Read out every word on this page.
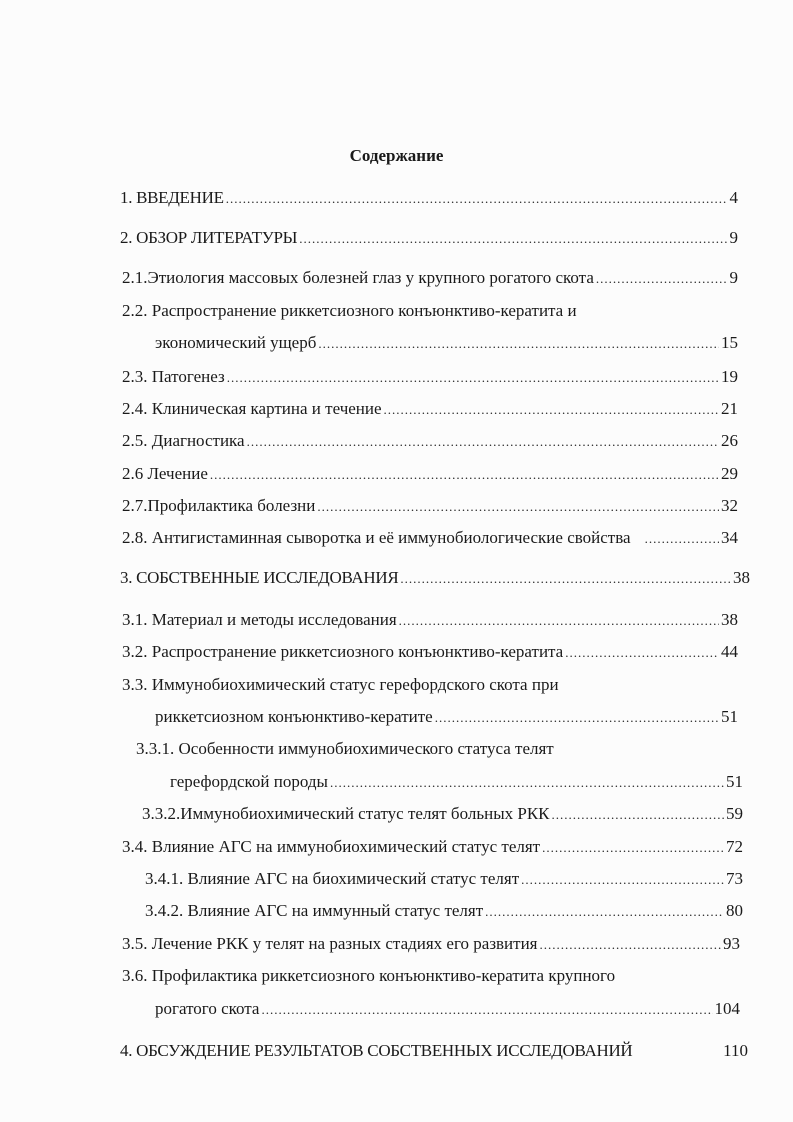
Содержание
1. ВВЕДЕНИЕ .....	4
2. ОБЗОР ЛИТЕРАТУРЫ .....	9
2.1.Этиология массовых болезней глаз у крупного рогатого скота .....	9
2.2. Распространение риккетсиозного конъюнктиво-кератита и
экономический ущерб .....	15
2.3. Патогенез .....	19
2.4. Клиническая картина и течение .....	21
2.5. Диагностика .....	26
2.6 Лечение .....	29
2.7.Профилактика болезни .....	32
2.8. Антигистаминная сыворотка и её иммунобиологические свойства .....	34
3. СОБСТВЕННЫЕ ИССЛЕДОВАНИЯ .....	38
3.1. Материал и методы исследования .....	38
3.2. Распространение риккетсиозного конъюнктиво-кератита .....	44
3.3. Иммунобиохимический статус герефордского скота при
риккетсиозном конъюнктиво-кератите .....	51
3.3.1. Особенности иммунобиохимического статуса телят
герефордской породы .....	51
3.3.2.Иммунобиохимический статус телят больных РКК .....	59
3.4. Влияние АГС на иммунобиохимический статус телят .....	72
3.4.1. Влияние АГС на биохимический статус телят .....	73
3.4.2. Влияние АГС на иммунный статус телят .....	80
3.5. Лечение РКК у телят на разных стадиях его развития .....	93
3.6. Профилактика риккетсиозного конъюнктиво-кератита крупного
рогатого скота .....	104
4. ОБСУЖДЕНИЕ РЕЗУЛЬТАТОВ СОБСТВЕННЫХ ИССЛЕДОВАНИЙ	110
